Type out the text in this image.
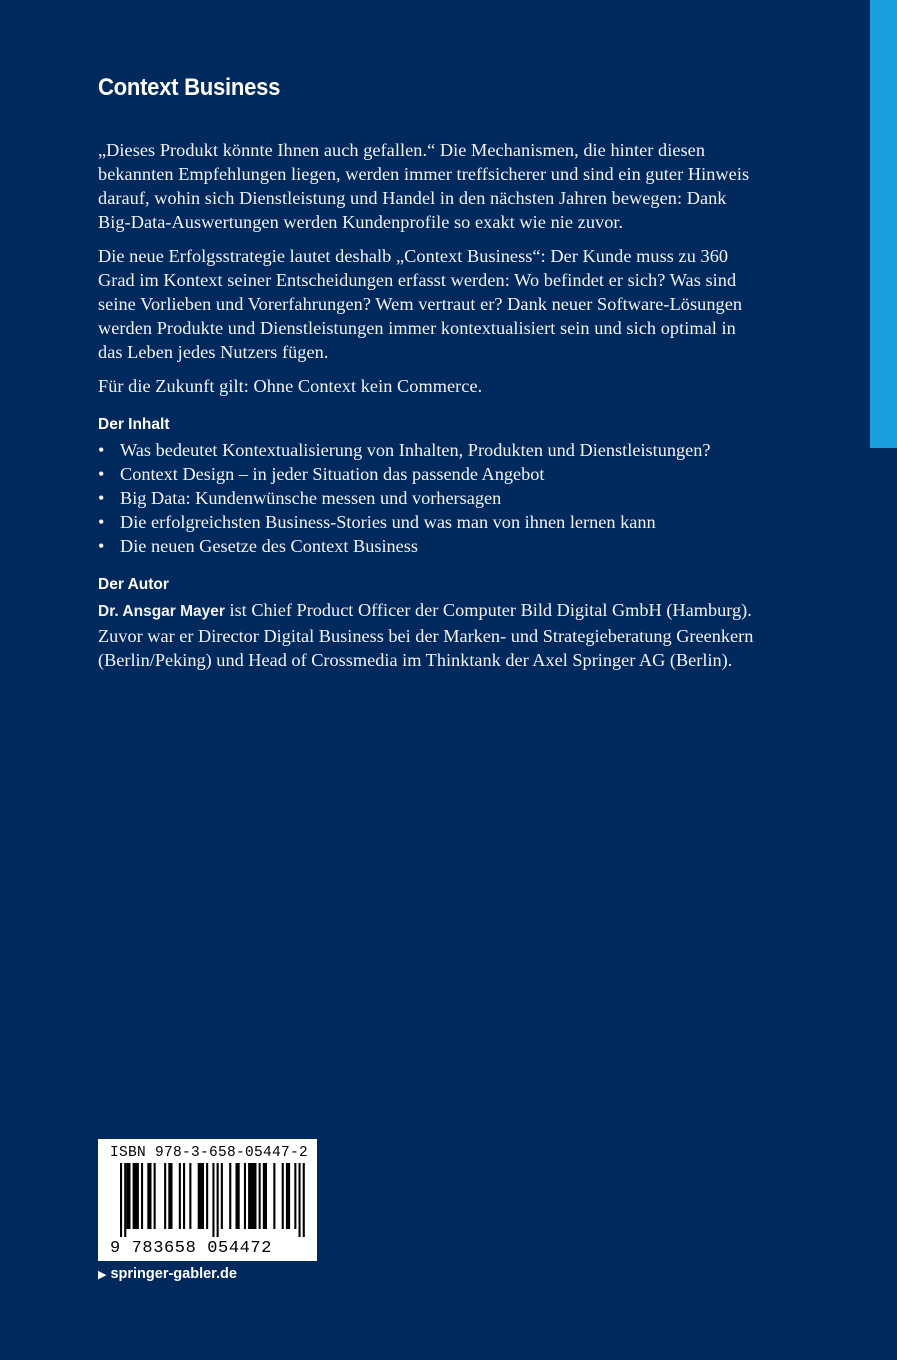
Context Business

„Dieses Produkt könnte Ihnen auch gefallen.“ Die Mechanismen, die hinter diesen bekannten Empfehlungen liegen, werden immer treffsicherer und sind ein guter Hinweis darauf, wohin sich Dienstleistung und Handel in den nächsten Jahren bewegen: Dank Big-Data-Auswertungen werden Kundenprofile so exakt wie nie zuvor.

Die neue Erfolgsstrategie lautet deshalb „Context Business“: Der Kunde muss zu 360 Grad im Kontext seiner Entscheidungen erfasst werden: Wo befindet er sich? Was sind seine Vorlieben und Vorerfahrungen? Wem vertraut er? Dank neuer Software-Lösungen werden Produkte und Dienstleistungen immer kontextualisiert sein und sich optimal in das Leben jedes Nutzers fügen.

Für die Zukunft gilt: Ohne Context kein Commerce.

Der Inhalt
• Was bedeutet Kontextualisierung von Inhalten, Produkten und Dienstleistungen?
• Context Design – in jeder Situation das passende Angebot
• Big Data: Kundenwünsche messen und vorhersagen
• Die erfolgreichsten Business-Stories und was man von ihnen lernen kann
• Die neuen Gesetze des Context Business
Der Autor

Dr. Ansgar Mayer ist Chief Product Officer der Computer Bild Digital GmbH (Hamburg). Zuvor war er Director Digital Business bei der Marken- und Strategieberatung Greenkern (Berlin/Peking) und Head of Crossmedia im Thinktank der Axel Springer AG (Berlin).

ISBN 978-3-658-05447-2
9 783658 054472
▶ springer-gabler.de
